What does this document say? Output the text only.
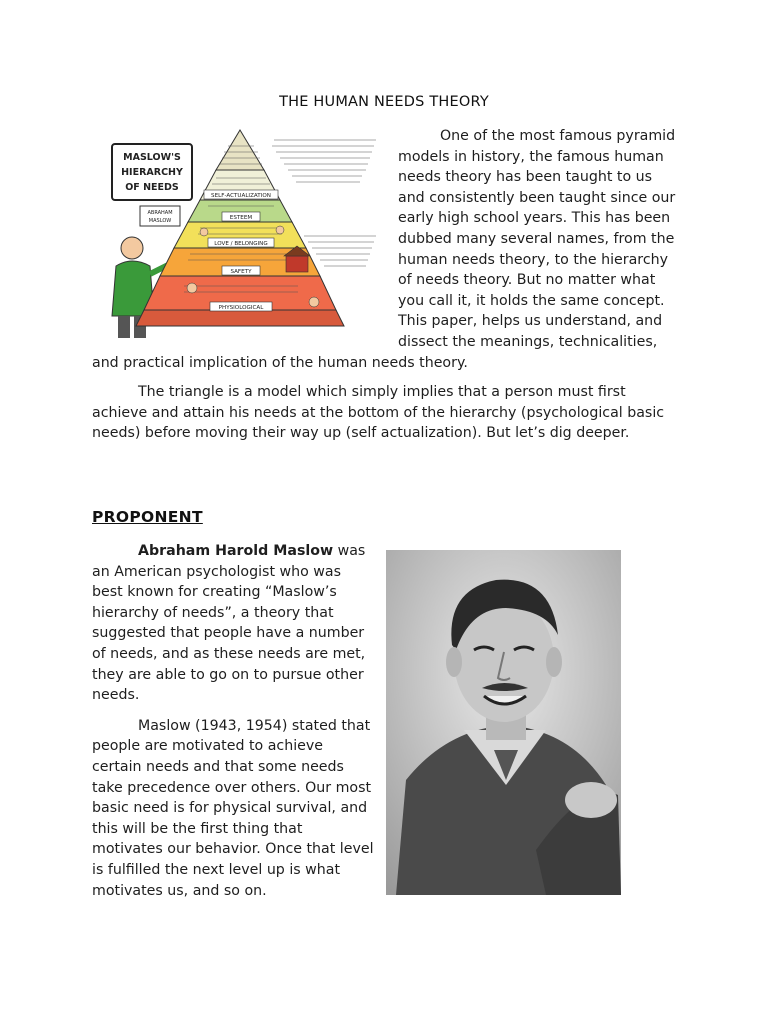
THE HUMAN NEEDS THEORY
MASLOW'S
HIERARCHY
OF NEEDS
ABRAHAM
MASLOW
SELF-ACTUALIZATION
ESTEEM
LOVE / BELONGING
SAFETY
PHYSIOLOGICAL

One of the most famous pyramid models in history, the famous human needs theory has been taught to us and consistently been taught since our early high school years. This has been dubbed many several names, from the human needs theory, to the hierarchy of needs theory. But no matter what you call it, it holds the same concept. This paper, helps us understand, and dissect the meanings, technicalities, and practical implication of the human needs theory.

The triangle is a model which simply implies that a person must first achieve and attain his needs at the bottom of the hierarchy (psychological basic needs) before moving their way up (self actualization). But let’s dig deeper.

PROPONENT

Abraham Harold Maslow was an American psychologist who was best known for creating “Maslow’s hierarchy of needs”, a theory that suggested that people have a number of needs, and as these needs are met, they are able to go on to pursue other needs.

Maslow (1943, 1954) stated that people are motivated to achieve certain needs and that some needs take precedence over others. Our most basic need is for physical survival, and this will be the first thing that motivates our behavior. Once that level is fulfilled the next level up is what motivates us, and so on.
